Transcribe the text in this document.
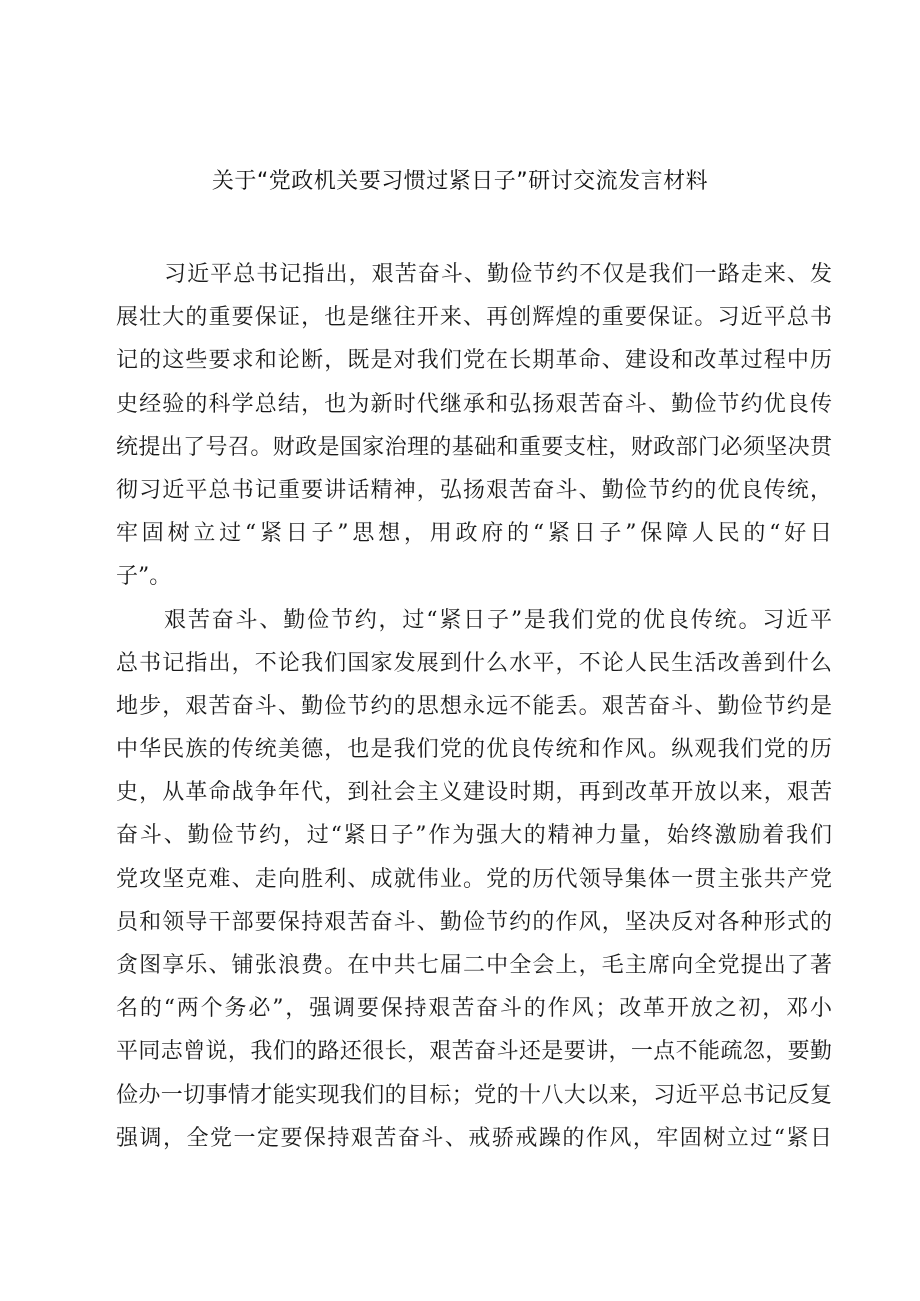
关于“党政机关要习惯过紧日子”研讨交流发言材料
习近平总书记指出，艰苦奋斗、勤俭节约不仅是我们一路走来、发
展壮大的重要保证，也是继往开来、再创辉煌的重要保证。习近平总书
记的这些要求和论断，既是对我们党在长期革命、建设和改革过程中历
史经验的科学总结，也为新时代继承和弘扬艰苦奋斗、勤俭节约优良传
统提出了号召。财政是国家治理的基础和重要支柱，财政部门必须坚决贯
彻习近平总书记重要讲话精神，弘扬艰苦奋斗、勤俭节约的优良传统，
牢固树立过“紧日子”思想，用政府的“紧日子”保障人民的“好日
子”。
艰苦奋斗、勤俭节约，过“紧日子”是我们党的优良传统。习近平
总书记指出，不论我们国家发展到什么水平，不论人民生活改善到什么
地步，艰苦奋斗、勤俭节约的思想永远不能丢。艰苦奋斗、勤俭节约是
中华民族的传统美德，也是我们党的优良传统和作风。纵观我们党的历
史，从革命战争年代，到社会主义建设时期，再到改革开放以来，艰苦
奋斗、勤俭节约，过“紧日子”作为强大的精神力量，始终激励着我们
党攻坚克难、走向胜利、成就伟业。党的历代领导集体一贯主张共产党
员和领导干部要保持艰苦奋斗、勤俭节约的作风，坚决反对各种形式的
贪图享乐、铺张浪费。在中共七届二中全会上，毛主席向全党提出了著
名的“两个务必”，强调要保持艰苦奋斗的作风；改革开放之初，邓小
平同志曾说，我们的路还很长，艰苦奋斗还是要讲，一点不能疏忽，要勤
俭办一切事情才能实现我们的目标；党的十八大以来，习近平总书记反复
强调，全党一定要保持艰苦奋斗、戒骄戒躁的作风，牢固树立过“紧日
